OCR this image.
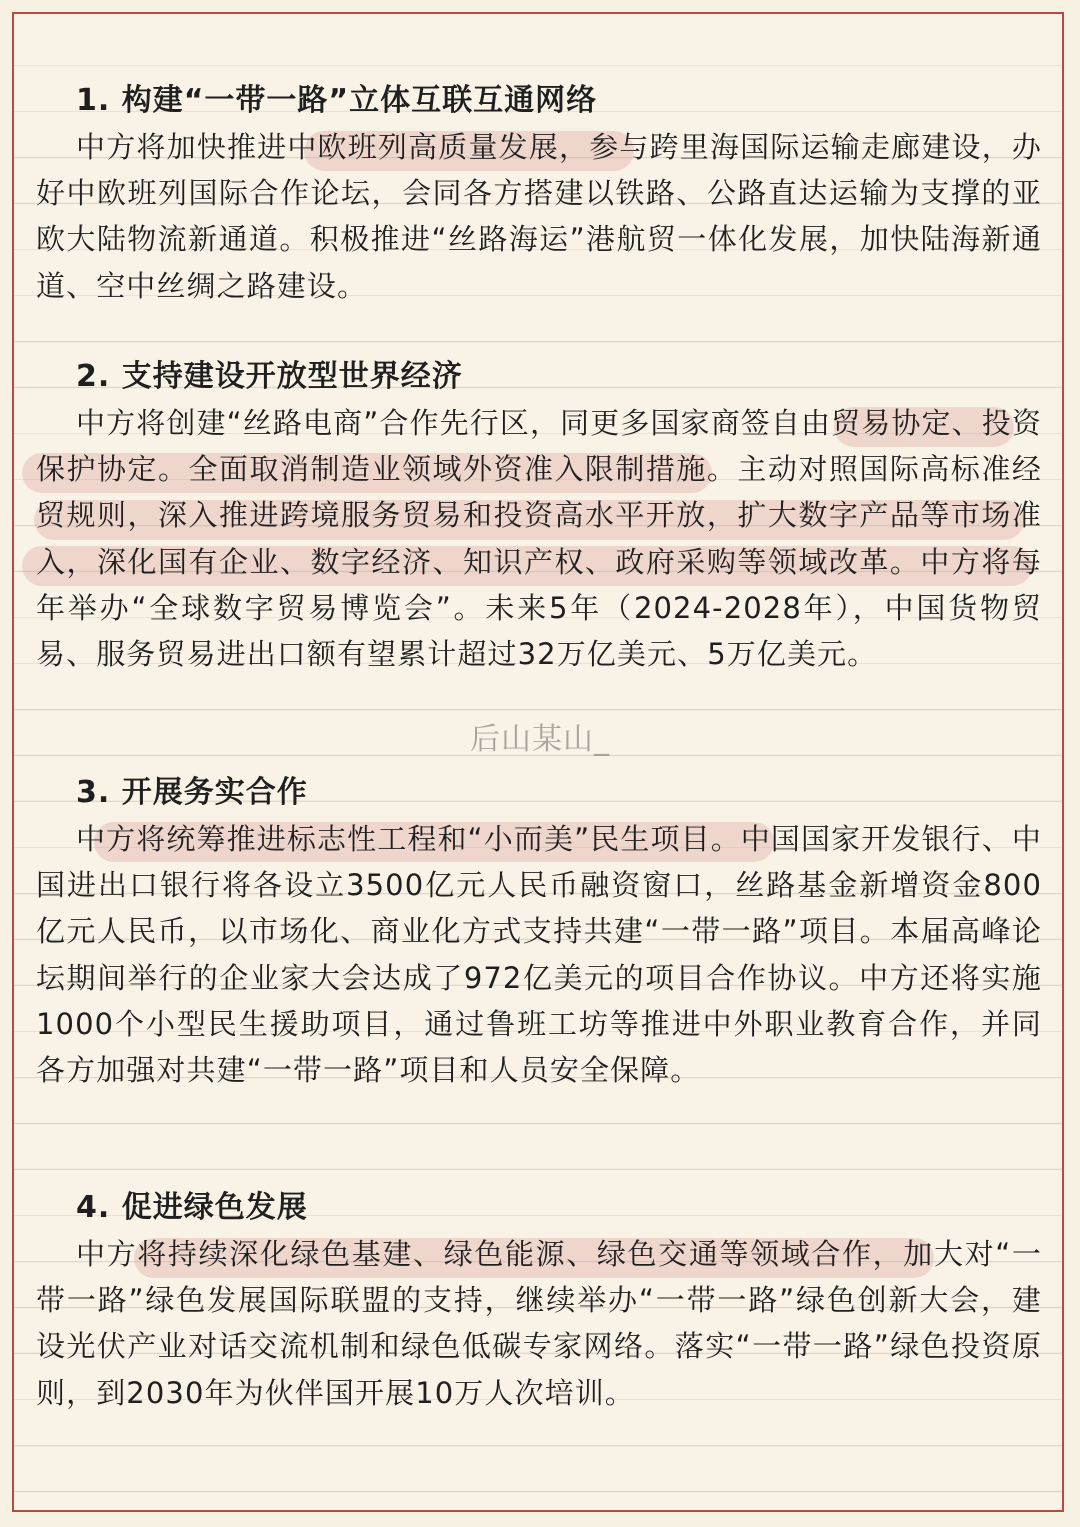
1. 构建“一带一路”立体互联互通网络
中方将加快推进中欧班列高质量发展，参与跨里海国际运输走廊建设，办好中欧班列国际合作论坛，会同各方搭建以铁路、公路直达运输为支撑的亚欧大陆物流新通道。积极推进“丝路海运”港航贸一体化发展，加快陆海新通道、空中丝绸之路建设。
2. 支持建设开放型世界经济
中方将创建“丝路电商”合作先行区，同更多国家商签自由贸易协定、投资保护协定。全面取消制造业领域外资准入限制措施。主动对照国际高标准经贸规则，深入推进跨境服务贸易和投资高水平开放，扩大数字产品等市场准入，深化国有企业、数字经济、知识产权、政府采购等领域改革。中方将每年举办“全球数字贸易博览会”。未来5年（2024-2028年），中国货物贸易、服务贸易进出口额有望累计超过32万亿美元、5万亿美元。
后山某山_
3. 开展务实合作
中方将统筹推进标志性工程和“小而美”民生项目。中国国家开发银行、中国进出口银行将各设立3500亿元人民币融资窗口，丝路基金新增资金800亿元人民币，以市场化、商业化方式支持共建“一带一路”项目。本届高峰论坛期间举行的企业家大会达成了972亿美元的项目合作协议。中方还将实施1000个小型民生援助项目，通过鲁班工坊等推进中外职业教育合作，并同各方加强对共建“一带一路”项目和人员安全保障。
4. 促进绿色发展
中方将持续深化绿色基建、绿色能源、绿色交通等领域合作，加大对“一带一路”绿色发展国际联盟的支持，继续举办“一带一路”绿色创新大会，建设光伏产业对话交流机制和绿色低碳专家网络。落实“一带一路”绿色投资原则，到2030年为伙伴国开展10万人次培训。
